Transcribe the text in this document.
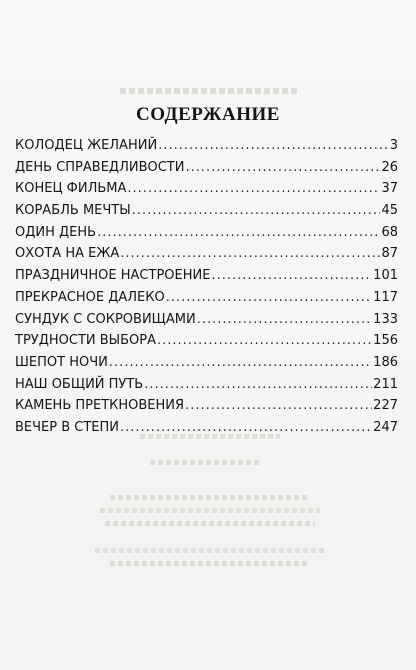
СОДЕРЖАНИЕ
КОЛОДЕЦ ЖЕЛАНИЙ .....	3
ДЕНЬ СПРАВЕДЛИВОСТИ .....	26
КОНЕЦ ФИЛЬМА .....	37
КОРАБЛЬ МЕЧТЫ .....	45
ОДИН ДЕНЬ .....	68
ОХОТА НА ЕЖА .....	87
ПРАЗДНИЧНОЕ НАСТРОЕНИЕ .....	101
ПРЕКРАСНОЕ ДАЛЕКО .....	117
СУНДУК С СОКРОВИЩАМИ .....	133
ТРУДНОСТИ ВЫБОРА .....	156
ШЕПОТ НОЧИ .....	186
НАШ ОБЩИЙ ПУТЬ .....	211
КАМЕНЬ ПРЕТКНОВЕНИЯ .....	227
ВЕЧЕР В СТЕПИ .....	247
